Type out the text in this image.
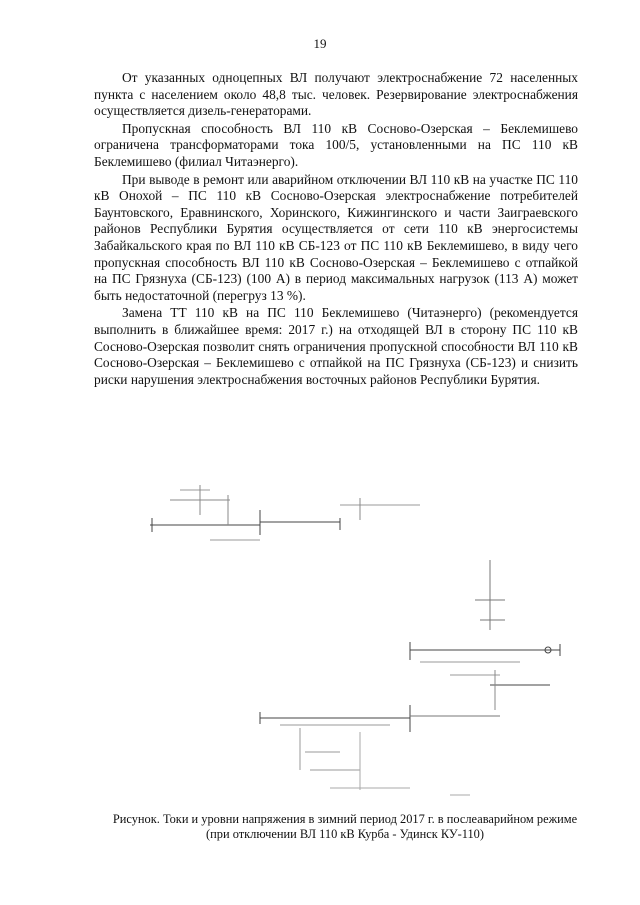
19

От указанных одноцепных ВЛ получают электроснабжение 72 населенных пункта с населением около 48,8 тыс. человек. Резервирование электроснабжения осуществляется дизель-генераторами.

Пропускная способность ВЛ 110 кВ Сосново-Озерская – Беклемишево ограничена трансформаторами тока 100/5, установленными на ПС 110 кВ Беклемишево (филиал Читаэнерго).

При выводе в ремонт или аварийном отключении ВЛ 110 кВ на участке ПС 110 кВ Онохой – ПС 110 кВ Сосново-Озерская электроснабжение потребителей Баунтовского, Еравнинского, Хоринского, Кижингинского и части Заиграевского районов Республики Бурятия осуществляется от сети 110 кВ энергосистемы Забайкальского края по ВЛ 110 кВ СБ-123 от ПС 110 кВ Беклемишево, в виду чего пропускная способность ВЛ 110 кВ Сосново-Озерская – Беклемишево с отпайкой на ПС Грязнуха (СБ-123) (100 А) в период максимальных нагрузок (113 А) может быть недостаточной (перегруз 13 %).

Замена ТТ 110 кВ на ПС 110 Беклемишево (Читаэнерго) (рекомендуется выполнить в ближайшее время: 2017 г.) на отходящей ВЛ в сторону ПС 110 кВ Сосново-Озерская позволит снять ограничения пропускной способности ВЛ 110 кВ Сосново-Озерская – Беклемишево с отпайкой на ПС Грязнуха (СБ-123) и снизить риски нарушения электроснабжения восточных районов Республики Бурятия.

Рисунок. Токи и уровни напряжения в зимний период 2017 г. в послеаварийном режиме (при отключении ВЛ 110 кВ Курба - Удинск КУ-110)
